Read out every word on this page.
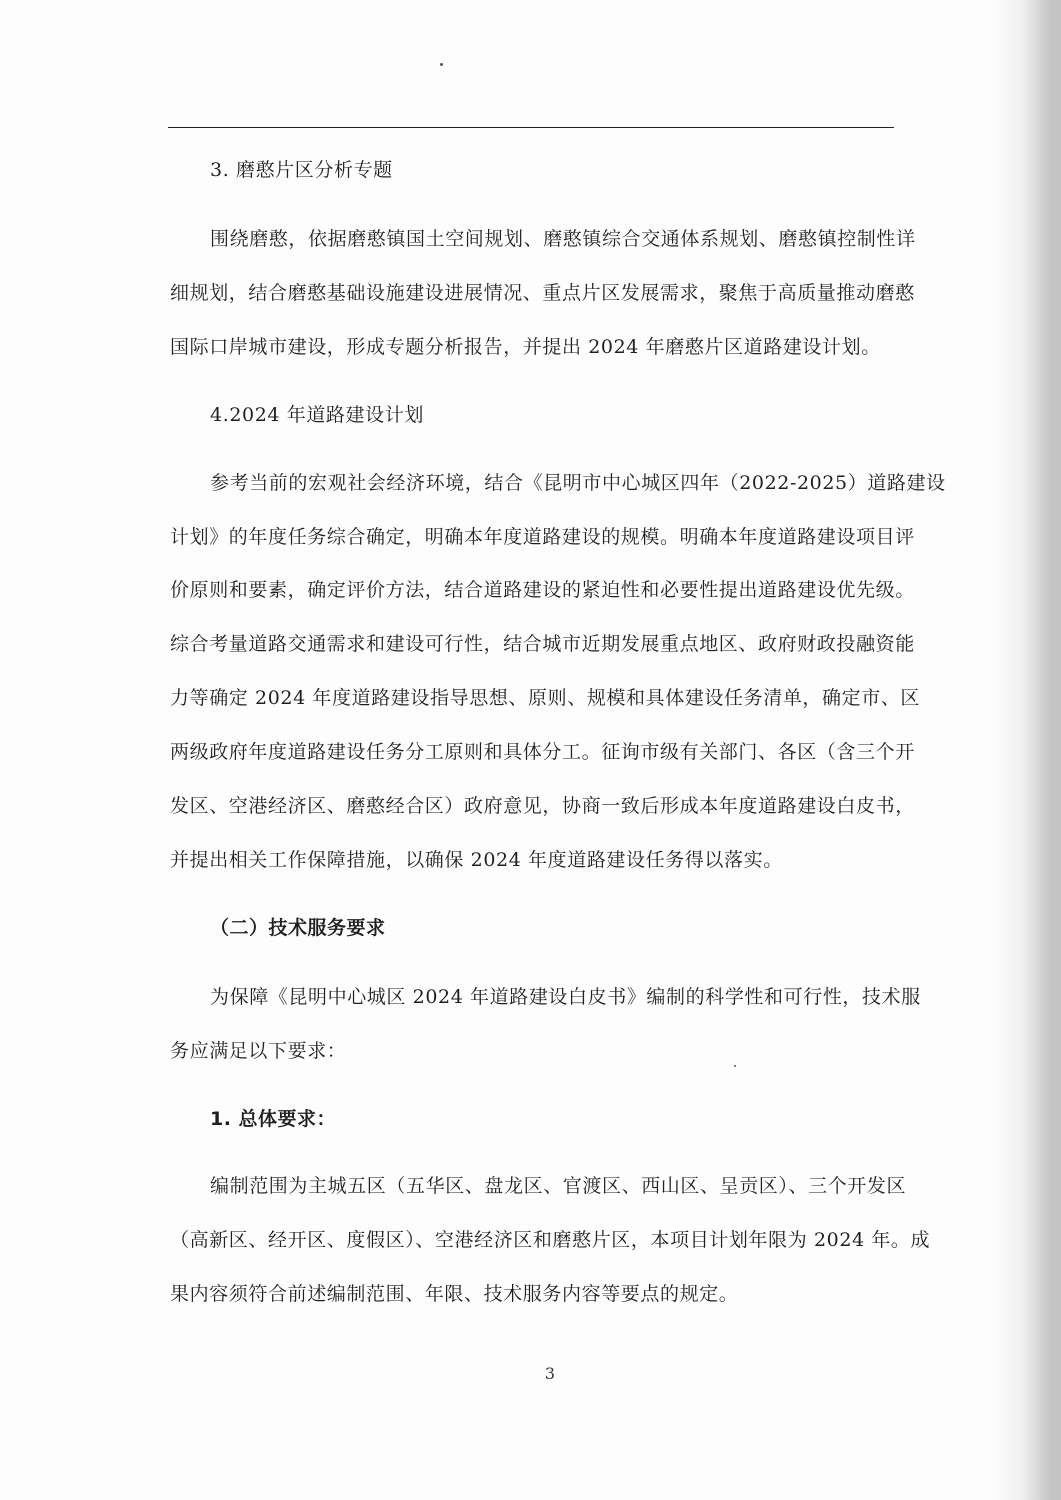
3. 磨憨片区分析专题
围绕磨憨，依据磨憨镇国土空间规划、磨憨镇综合交通体系规划、磨憨镇控制性详
细规划，结合磨憨基础设施建设进展情况、重点片区发展需求，聚焦于高质量推动磨憨
国际口岸城市建设，形成专题分析报告，并提出 2024 年磨憨片区道路建设计划。
4.2024 年道路建设计划
参考当前的宏观社会经济环境，结合《昆明市中心城区四年（2022-2025）道路建设
计划》的年度任务综合确定，明确本年度道路建设的规模。明确本年度道路建设项目评
价原则和要素，确定评价方法，结合道路建设的紧迫性和必要性提出道路建设优先级。
综合考量道路交通需求和建设可行性，结合城市近期发展重点地区、政府财政投融资能
力等确定 2024 年度道路建设指导思想、原则、规模和具体建设任务清单，确定市、区
两级政府年度道路建设任务分工原则和具体分工。征询市级有关部门、各区（含三个开
发区、空港经济区、磨憨经合区）政府意见，协商一致后形成本年度道路建设白皮书，
并提出相关工作保障措施，以确保 2024 年度道路建设任务得以落实。
（二）技术服务要求
为保障《昆明中心城区 2024 年道路建设白皮书》编制的科学性和可行性，技术服
务应满足以下要求：
1. 总体要求：
编制范围为主城五区（五华区、盘龙区、官渡区、西山区、呈贡区）、三个开发区
（高新区、经开区、度假区）、空港经济区和磨憨片区，本项目计划年限为 2024 年。成
果内容须符合前述编制范围、年限、技术服务内容等要点的规定。
3
